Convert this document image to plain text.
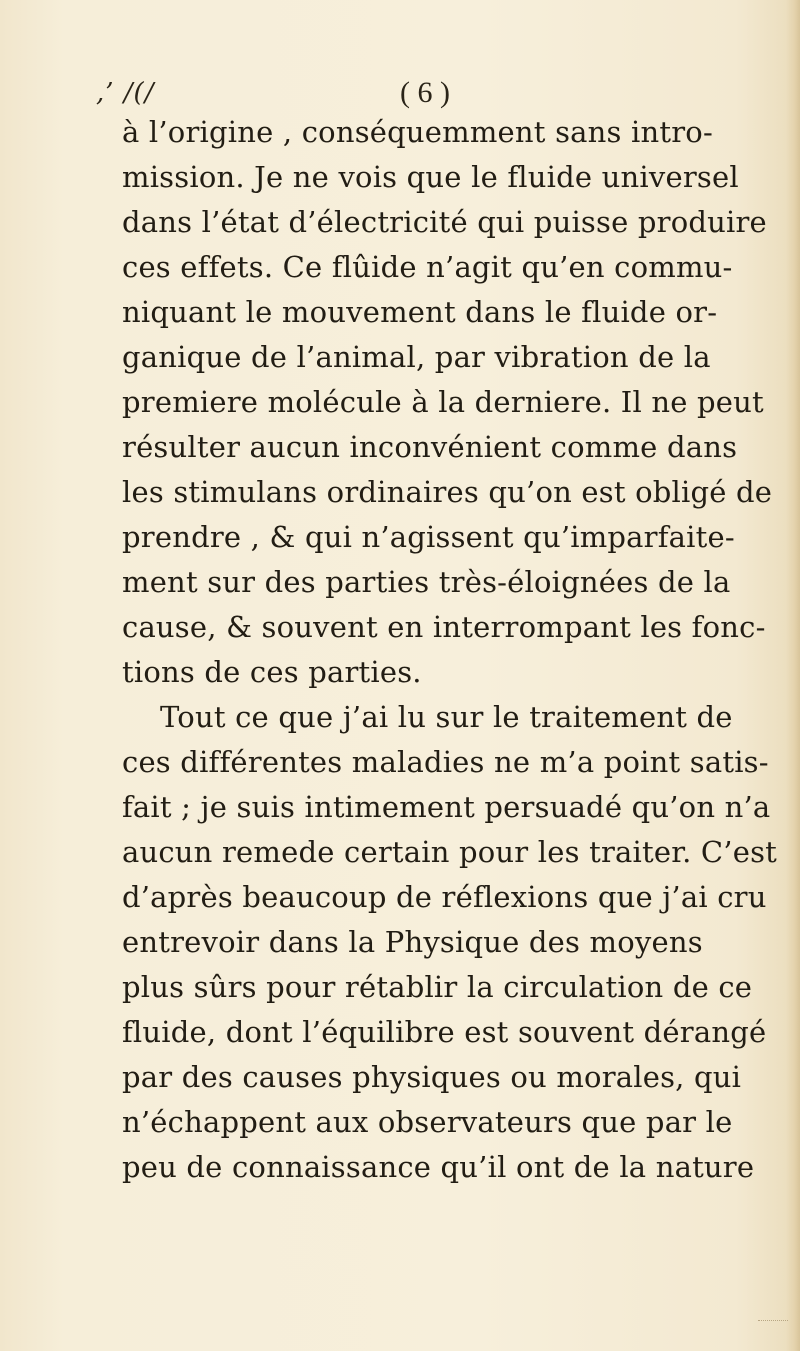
,’ /(/	( 6 )
à l’origine , conséquemment sans intro-
mission. Je ne vois que le fluide universel
dans l’état d’électricité qui puisse produire
ces effets. Ce flûide n’agit qu’en commu-
niquant le mouvement dans le fluide or-
ganique de l’animal, par vibration de la
premiere molécule à la derniere. Il ne peut
résulter aucun inconvénient comme dans
les stimulans ordinaires qu’on est obligé de
prendre , & qui n’agissent qu’imparfaite-
ment sur des parties très-éloignées de la
cause, & souvent en interrompant les fonc-
tions de ces parties.
Tout ce que j’ai lu sur le traitement de
ces différentes maladies ne m’a point satis-
fait ; je suis intimement persuadé qu’on n’a
aucun remede certain pour les traiter. C’est
d’après beaucoup de réflexions que j’ai cru
entrevoir dans la Physique des moyens
plus sûrs pour rétablir la circulation de ce
fluide, dont l’équilibre est souvent dérangé
par des causes physiques ou morales, qui
n’échappent aux observateurs que par le
peu de connaissance qu’il ont de la nature
